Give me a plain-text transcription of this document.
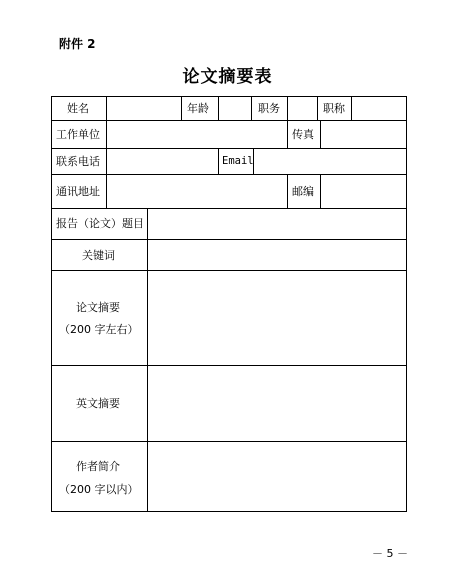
附件 2
论文摘要表
姓名	年龄	职务	职称
工作单位	传真
联系电话	Email
通讯地址	邮编
报告（论文）题目
关键词
论文摘要
（200 字左右）
英文摘要
作者简介
（200 字以内）
－ 5 －
